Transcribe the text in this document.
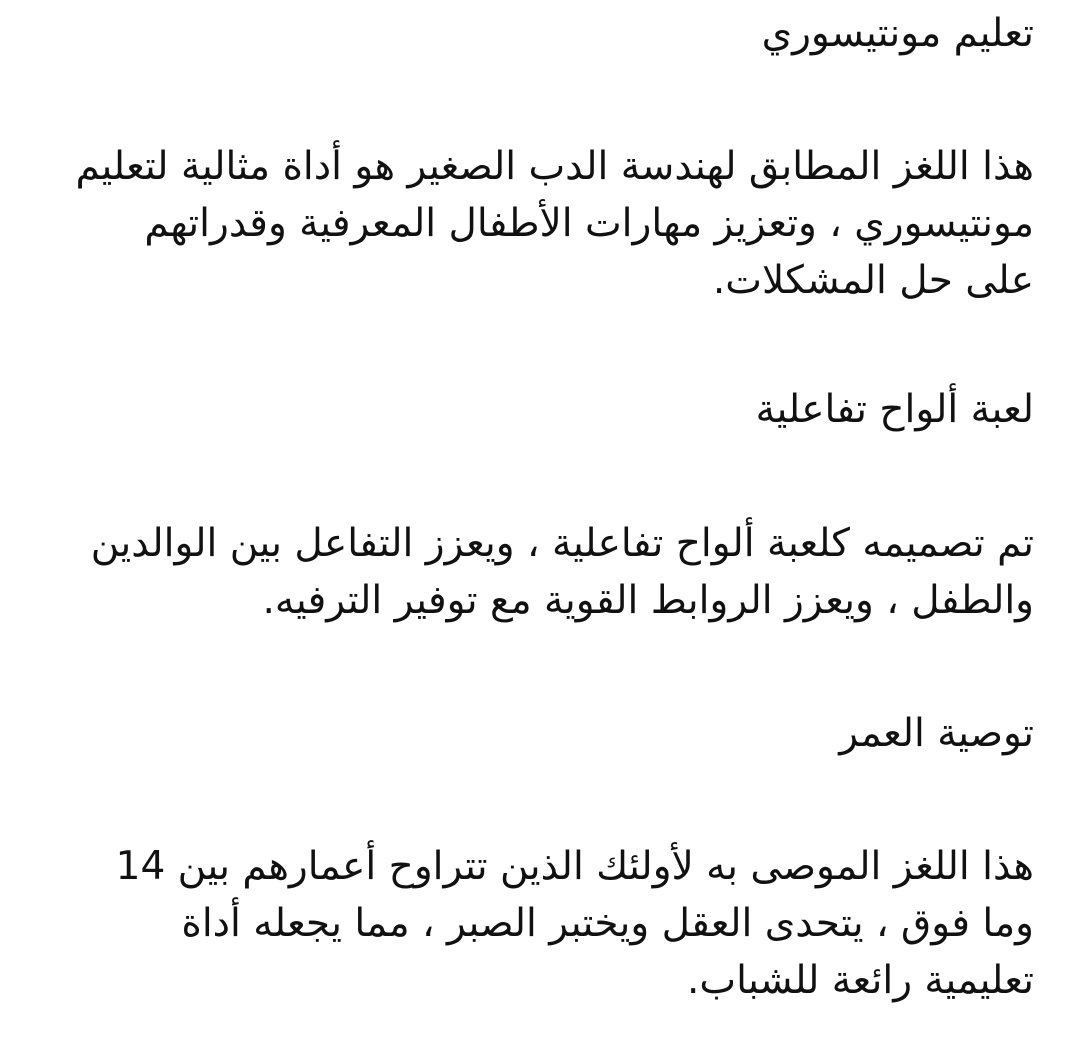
تعليم مونتيسوري

هذا اللغز المطابق لهندسة الدب الصغير هو أداة مثالية لتعليم مونتيسوري ، وتعزيز مهارات الأطفال المعرفية وقدراتهم على حل المشكلات.

لعبة ألواح تفاعلية

تم تصميمه كلعبة ألواح تفاعلية ، ويعزز التفاعل بين الوالدين والطفل ، ويعزز الروابط القوية مع توفير الترفيه.

توصية العمر

هذا اللغز الموصى به لأولئك الذين تتراوح أعمارهم بين 14 وما فوق ، يتحدى العقل ويختبر الصبر ، مما يجعله أداة تعليمية رائعة للشباب.
